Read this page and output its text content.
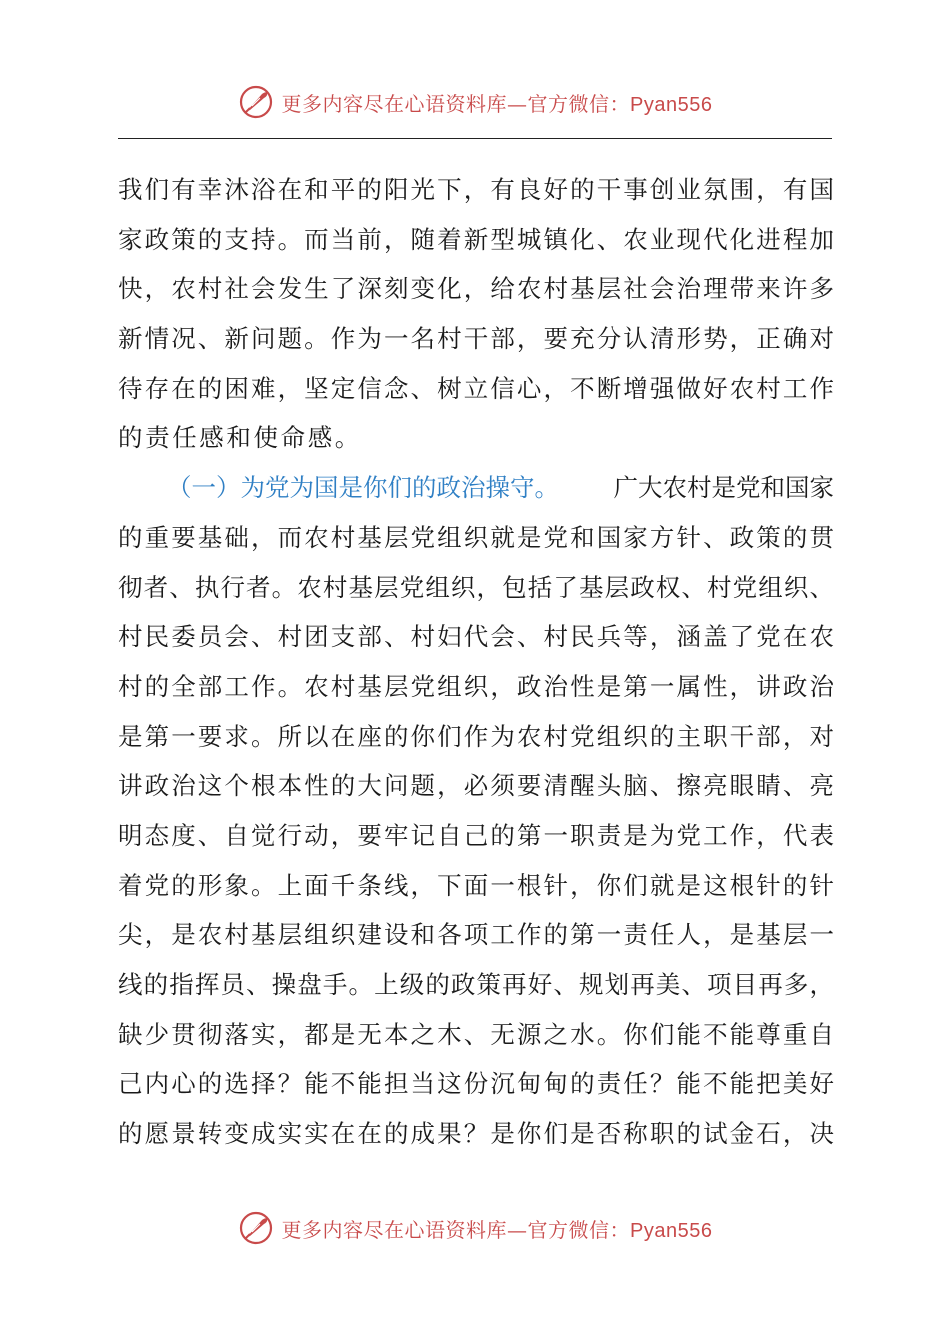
更多内容尽在心语资料库—官方微信：Pyan556
我 们 有 幸 沐 浴 在 和 平 的 阳 光 下 ， 有 良 好 的 干 事 创 业 氛 围 ， 有 国
家 政 策 的 支 持 。 而 当 前 ， 随 着 新 型 城 镇 化 、 农 业 现 代 化 进 程 加
快 ， 农 村 社 会 发 生 了 深 刻 变 化 ， 给 农 村 基 层 社 会 治 理 带 来 许 多
新 情 况 、 新 问 题 。 作 为 一 名 村 干 部 ， 要 充 分 认 清 形 势 ， 正 确 对
待 存 在 的 困 难 ， 坚 定 信 念 、 树 立 信 心 ， 不 断 增 强 做 好 农 村 工 作
的责任感和使命感。
（一）为党为国是你们的政治操守。 广大农村是党和国家
的 重 要 基 础 ， 而 农 村 基 层 党 组 织 就 是 党 和 国 家 方 针 、 政 策 的 贯
彻 者 、 执 行 者 。 农 村 基 层 党 组 织 ， 包 括 了 基 层 政 权 、 村 党 组 织 、
村 民 委 员 会 、 村 团 支 部 、 村 妇 代 会 、 村 民 兵 等 ， 涵 盖 了 党 在 农
村 的 全 部 工 作 。 农 村 基 层 党 组 织 ， 政 治 性 是 第 一 属 性 ， 讲 政 治
是 第 一 要 求 。 所 以 在 座 的 你 们 作 为 农 村 党 组 织 的 主 职 干 部 ， 对
讲 政 治 这 个 根 本 性 的 大 问 题 ， 必 须 要 清 醒 头 脑 、 擦 亮 眼 睛 、 亮
明 态 度 、 自 觉 行 动 ， 要 牢 记 自 己 的 第 一 职 责 是 为 党 工 作 ， 代 表
着 党 的 形 象 。 上 面 千 条 线 ， 下 面 一 根 针 ， 你 们 就 是 这 根 针 的 针
尖 ， 是 农 村 基 层 组 织 建 设 和 各 项 工 作 的 第 一 责 任 人 ， 是 基 层 一
线 的 指 挥 员 、 操 盘 手 。 上 级 的 政 策 再 好 、 规 划 再 美 、 项 目 再 多 ，
缺 少 贯 彻 落 实 ， 都 是 无 本 之 木 、 无 源 之 水 。 你 们 能 不 能 尊 重 自
己 内 心 的 选 择 ？ 能 不 能 担 当 这 份 沉 甸 甸 的 责 任 ？ 能 不 能 把 美 好
的 愿 景 转 变 成 实 实 在 在 的 成 果 ？ 是 你 们 是 否 称 职 的 试 金 石 ， 决
更多内容尽在心语资料库—官方微信：Pyan556
